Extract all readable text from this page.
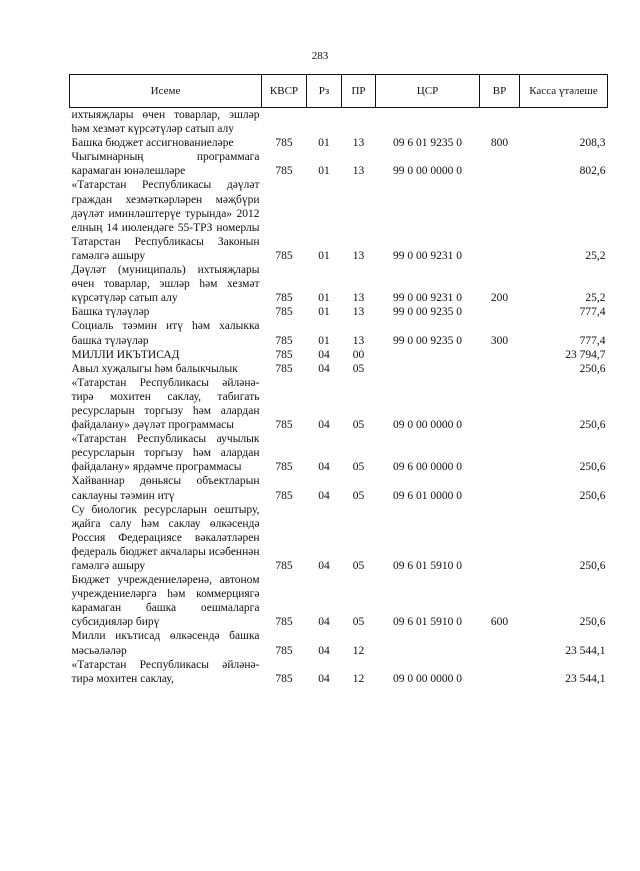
283
Исеме	КВСР	Рз	ПР	ЦСР	ВР	Касса үтәлеше
ихтыяҗлары өчен товарлар, эшләр һәм хезмәт күрсәтүләр сатып алу						
Башка бюджет ассигнованиеләре	785	01	13	09 6 01 9235 0	800	208,3
Чыгымнарның программага карамаган юнәлешләре	785	01	13	99 0 00 0000 0		802,6
«Татарстан Республикасы дәүләт граждан хезмәткәрләрен мәҗбүри дәүләт иминләштерүе турында» 2012 елның 14 июлендәге 55-ТРЗ номерлы Татарстан Республикасы Законын гамәлгә ашыру	785	01	13	99 0 00 9231 0		25,2
Дәүләт (муниципаль) ихтыяҗлары өчен товарлар, эшләр һәм хезмәт күрсәтүләр сатып алу	785	01	13	99 0 00 9231 0	200	25,2
Башка түләүләр	785	01	13	99 0 00 9235 0		777,4
Социаль тәэмин итү һәм халыкка башка түләүләр	785	01	13	99 0 00 9235 0	300	777,4
МИЛЛИ ИКЪТИСАД	785	04	00			23 794,7
Авыл хуҗалыгы һәм балыкчылык	785	04	05			250,6
«Татарстан Республикасы әйләнә-тирә мохитен саклау, табигать ресурсларын торгызу һәм алардан файдалану» дәүләт программасы	785	04	05	09 0 00 0000 0		250,6
«Татарстан Республикасы аучылык ресурсларын торгызу һәм алардан файдалану» ярдәмче программасы	785	04	05	09 6 00 0000 0		250,6
Хайваннар дөньясы объектларын саклауны тәэмин итү	785	04	05	09 6 01 0000 0		250,6
Су биологик ресурсларын оештыру, җайга салу һәм саклау өлкәсендә Россия Федерациясе вәкаләтләрен федераль бюджет акчалары исәбеннән гамәлгә ашыру	785	04	05	09 6 01 5910 0		250,6
Бюджет учреждениеләренә, автоном учреждениеләргә һәм коммерциягә карамаган башка оешмаларга субсидияләр бирү	785	04	05	09 6 01 5910 0	600	250,6
Милли икътисад өлкәсендә башка мәсьәләләр	785	04	12			23 544,1
«Татарстан Республикасы әйләнә-тирә мохитен саклау,	785	04	12	09 0 00 0000 0		23 544,1
